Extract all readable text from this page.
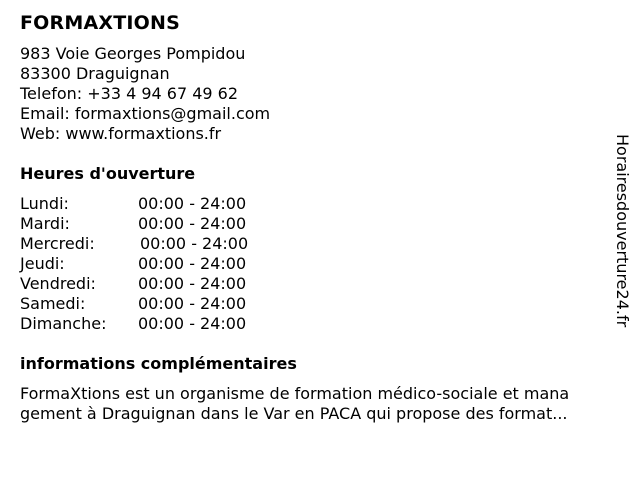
FORMAXTIONS
983 Voie Georges Pompidou
83300 Draguignan
Telefon: +33 4 94 67 49 62
Email: formaxtions@gmail.com
Web: www.formaxtions.fr
Heures d'ouverture
Lundi:	00:00 - 24:00
Mardi:	00:00 - 24:00
Mercredi:	00:00 - 24:00
Jeudi:	00:00 - 24:00
Vendredi:	00:00 - 24:00
Samedi:	00:00 - 24:00
Dimanche: 00:00 - 24:00
informations complémentaires
FormaXtions est un organisme de formation médico-sociale et mana
gement à Draguignan dans le Var en PACA qui propose des format...
Horairesdouverture24.fr
